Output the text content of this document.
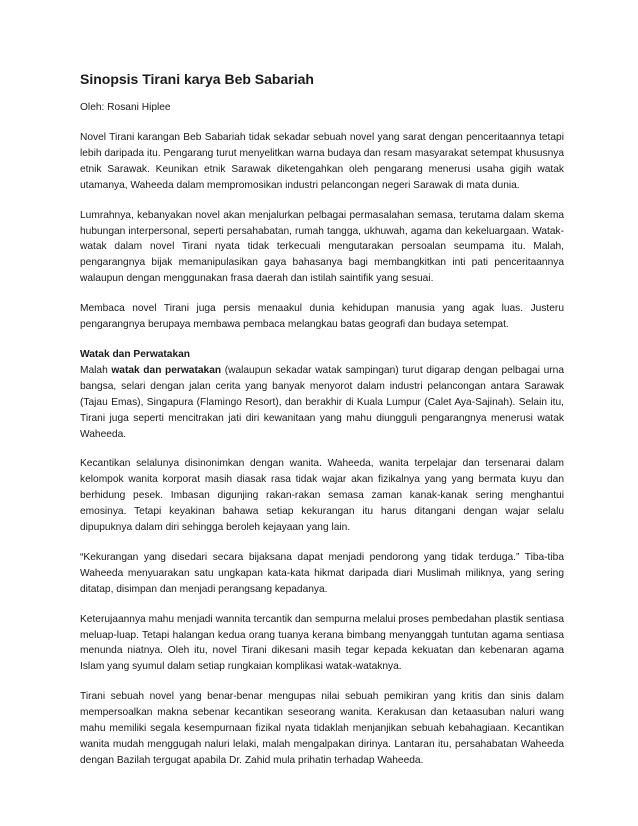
Sinopsis Tirani karya Beb Sabariah

Oleh: Rosani Hiplee

Novel Tirani karangan Beb Sabariah tidak sekadar sebuah novel yang sarat dengan penceritaannya tetapi lebih daripada itu. Pengarang turut menyelitkan warna budaya dan resam masyarakat setempat khususnya etnik Sarawak. Keunikan etnik Sarawak diketengahkan oleh pengarang menerusi usaha gigih watak utamanya, Waheeda dalam mempromosikan industri pelancongan negeri Sarawak di mata dunia.

Lumrahnya, kebanyakan novel akan menjalurkan pelbagai permasalahan semasa, terutama dalam skema hubungan interpersonal, seperti persahabatan, rumah tangga, ukhuwah, agama dan kekeluargaan. Watak-watak dalam novel Tirani nyata tidak terkecuali mengutarakan persoalan seumpama itu. Malah, pengarangnya bijak memanipulasikan gaya bahasanya bagi membangkitkan inti pati penceritaannya walaupun dengan menggunakan frasa daerah dan istilah saintifik yang sesuai.

Membaca novel Tirani juga persis menaakul dunia kehidupan manusia yang agak luas. Justeru pengarangnya berupaya membawa pembaca melangkau batas geografi dan budaya setempat.

Watak dan Perwatakan

Malah watak dan perwatakan (walaupun sekadar watak sampingan) turut digarap dengan pelbagai urna bangsa, selari dengan jalan cerita yang banyak menyorot dalam industri pelancongan antara Sarawak (Tajau Emas), Singapura (Flamingo Resort), dan berakhir di Kuala Lumpur (Calet Aya-Sajinah). Selain itu, Tirani juga seperti mencitrakan jati diri kewanitaan yang mahu diungguli pengarangnya menerusi watak Waheeda.

Kecantikan selalunya disinonimkan dengan wanita. Waheeda, wanita terpelajar dan tersenarai dalam kelompok wanita korporat masih diasak rasa tidak wajar akan fizikalnya yang yang bermata kuyu dan berhidung pesek. Imbasan digunjing rakan-rakan semasa zaman kanak-kanak sering menghantui emosinya. Tetapi keyakinan bahawa setiap kekurangan itu harus ditangani dengan wajar selalu dipupuknya dalam diri sehingga beroleh kejayaan yang lain.

“Kekurangan yang disedari secara bijaksana dapat menjadi pendorong yang tidak terduga.” Tiba-tiba Waheeda menyuarakan satu ungkapan kata-kata hikmat daripada diari Muslimah miliknya, yang sering ditatap, disimpan dan menjadi perangsang kepadanya.

Keterujaannya mahu menjadi wannita tercantik dan sempurna melalui proses pembedahan plastik sentiasa meluap-luap. Tetapi halangan kedua orang tuanya kerana bimbang menyanggah tuntutan agama sentiasa menunda niatnya. Oleh itu, novel Tirani dikesani masih tegar kepada kekuatan dan kebenaran agama Islam yang syumul dalam setiap rungkaian komplikasi watak-wataknya.

Tirani sebuah novel yang benar-benar mengupas nilai sebuah pemikiran yang kritis dan sinis dalam mempersoalkan makna sebenar kecantikan seseorang wanita. Kerakusan dan ketaasuban naluri wang mahu memiliki segala kesempurnaan fizikal nyata tidaklah menjanjikan sebuah kebahagiaan. Kecantikan wanita mudah menggugah naluri lelaki, malah mengalpakan dirinya. Lantaran itu, persahabatan Waheeda dengan Bazilah tergugat apabila Dr. Zahid mula prihatin terhadap Waheeda.
